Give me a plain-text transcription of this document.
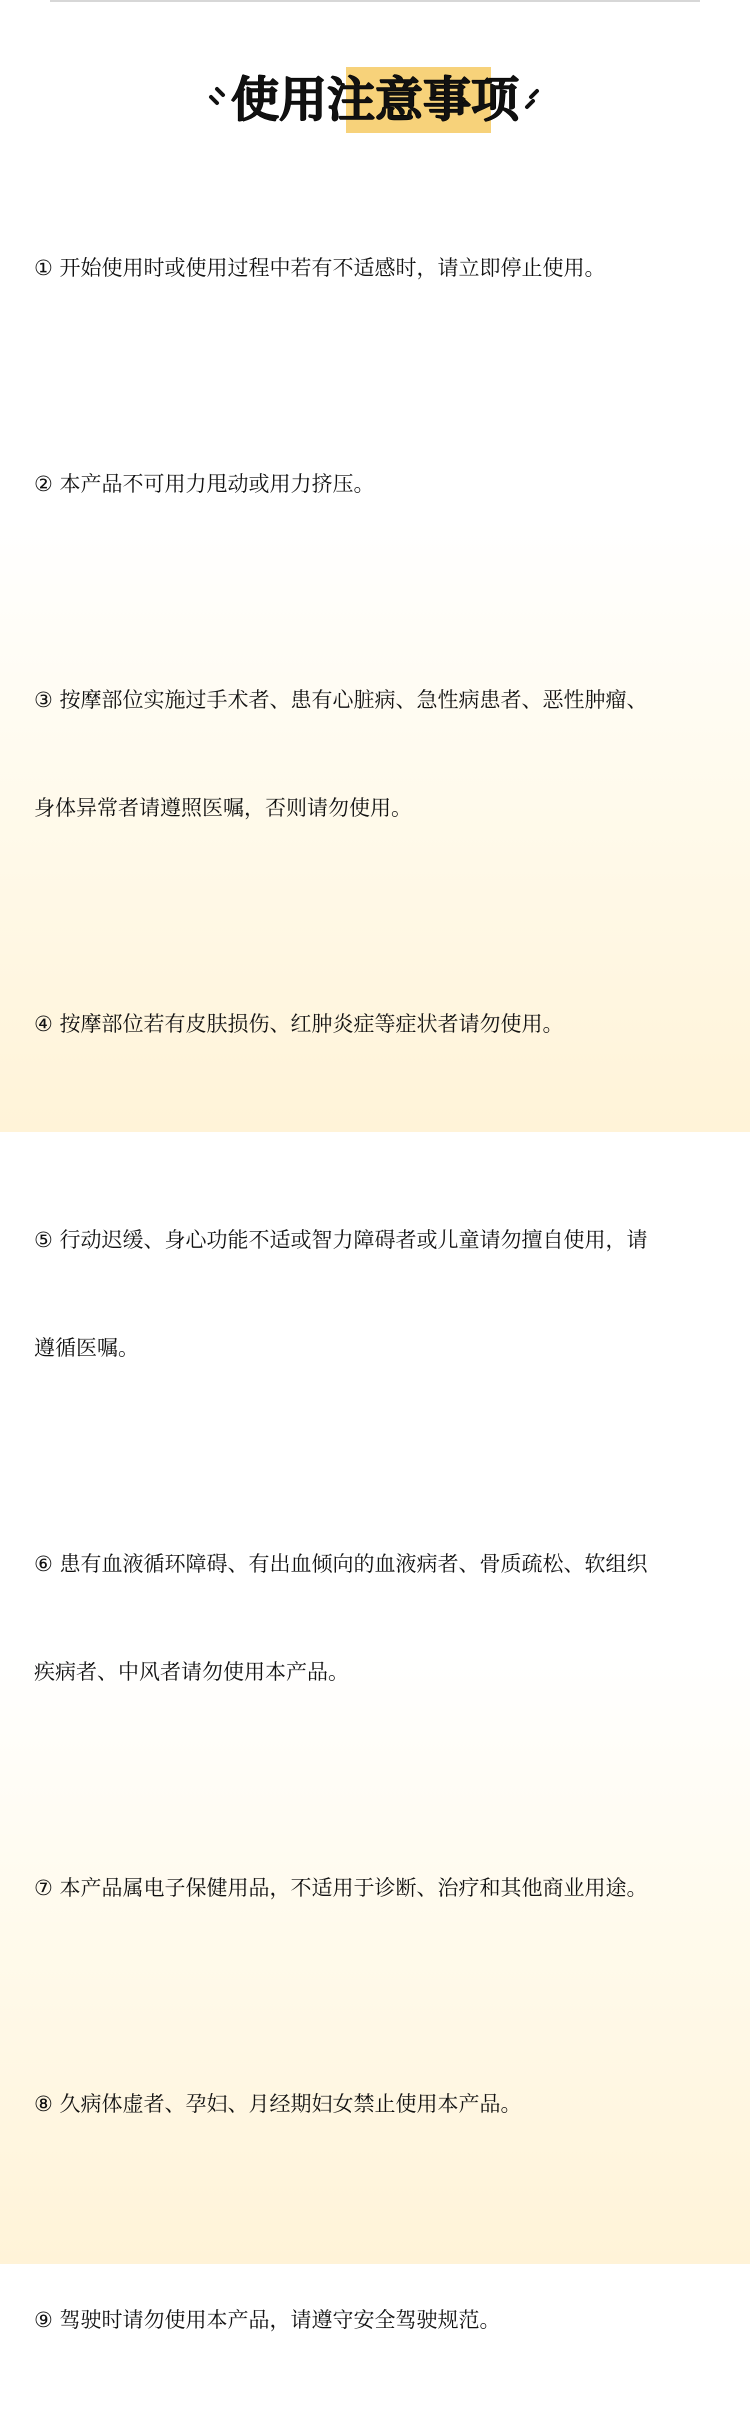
使用注意事项

① 开始使用时或使用过程中若有不适感时，请立即停止使用。

② 本产品不可用力甩动或用力挤压。

③ 按摩部位实施过手术者、患有心脏病、急性病患者、恶性肿瘤、

身体异常者请遵照医嘱，否则请勿使用。

④ 按摩部位若有皮肤损伤、红肿炎症等症状者请勿使用。

⑤ 行动迟缓、身心功能不适或智力障碍者或儿童请勿擅自使用，请

遵循医嘱。

⑥ 患有血液循环障碍、有出血倾向的血液病者、骨质疏松、软组织

疾病者、中风者请勿使用本产品。

⑦ 本产品属电子保健用品，不适用于诊断、治疗和其他商业用途。

⑧ 久病体虚者、孕妇、月经期妇女禁止使用本产品。

⑨ 驾驶时请勿使用本产品，请遵守安全驾驶规范。
